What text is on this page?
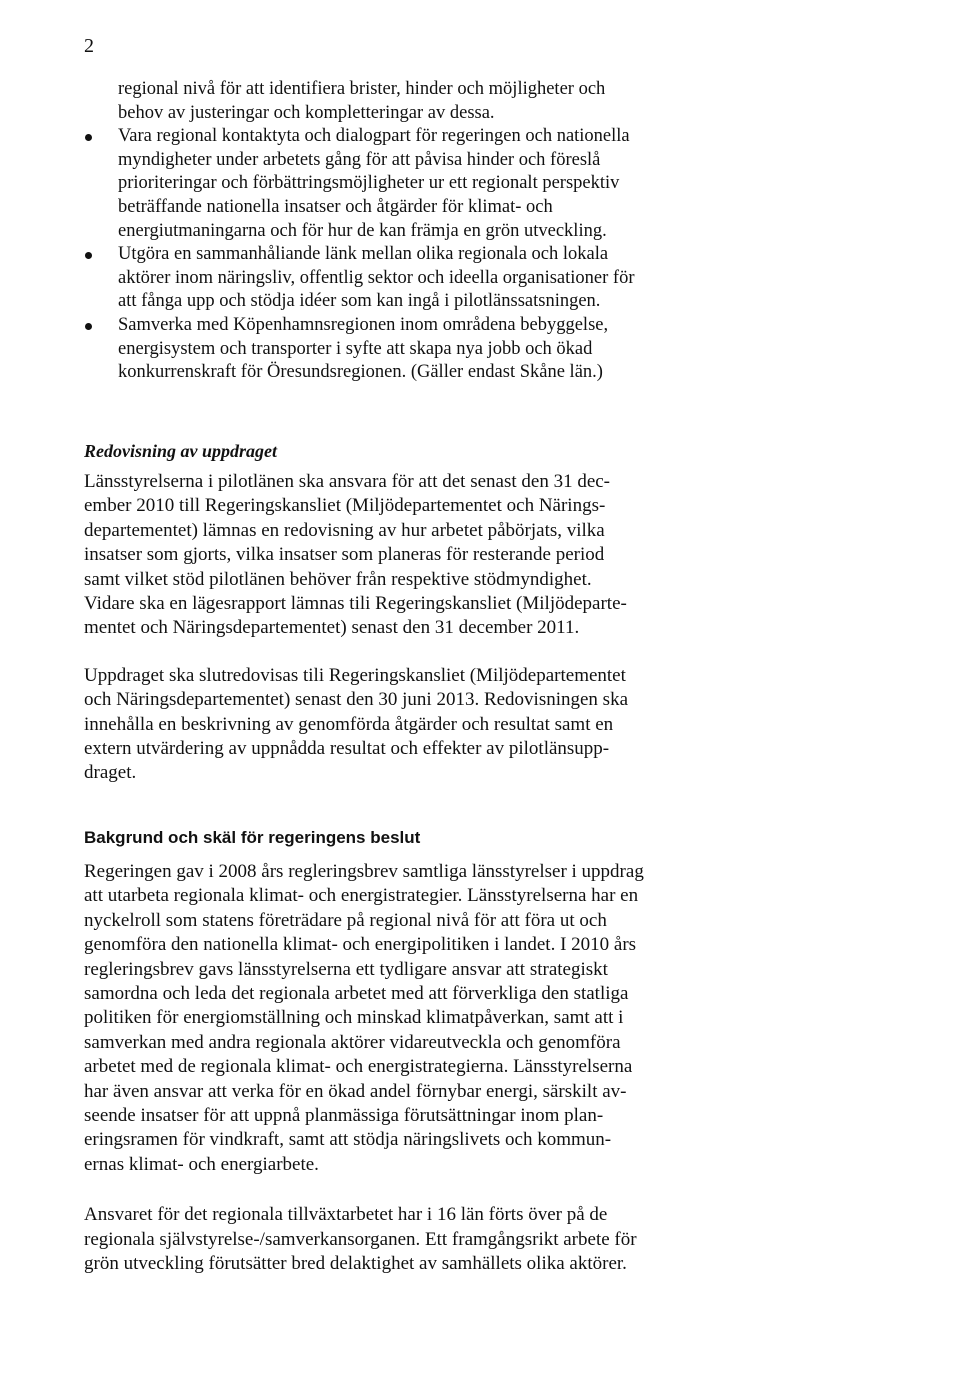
2

regional nivå för att identifiera brister, hinder och möjligheter och
behov av justeringar och kompletteringar av dessa.

Vara regional kontaktyta och dialogpart för regeringen och nationella
myndigheter under arbetets gång för att påvisa hinder och föreslå
prioriteringar och förbättringsmöjligheter ur ett regionalt perspektiv
beträffande nationella insatser och åtgärder för klimat- och
energiutmaningarna och för hur de kan främja en grön utveckling.
Utgöra en sammanhåliande länk mellan olika regionala och lokala
aktörer inom näringsliv, offentlig sektor och ideella organisationer för
att fånga upp och stödja idéer som kan ingå i pilotlänssatsningen.
Samverka med Köpenhamnsregionen inom områdena bebyggelse,
energisystem och transporter i syfte att skapa nya jobb och ökad
konkurrenskraft för Öresundsregionen. (Gäller endast Skåne län.)
Redovisning av uppdraget

Länsstyrelserna i pilotlänen ska ansvara för att det senast den 31 dec-
ember 2010 till Regeringskansliet (Miljödepartementet och Närings-
departementet) lämnas en redovisning av hur arbetet påbörjats, vilka
insatser som gjorts, vilka insatser som planeras för resterande period
samt vilket stöd pilotlänen behöver från respektive stödmyndighet.
Vidare ska en lägesrapport lämnas tili Regeringskansliet (Miljödeparte-
mentet och Näringsdepartementet) senast den 31 december 2011.

Uppdraget ska slutredovisas tili Regeringskansliet (Miljödepartementet
och Näringsdepartementet) senast den 30 juni 2013. Redovisningen ska
innehålla en beskrivning av genomförda åtgärder och resultat samt en
extern utvärdering av uppnådda resultat och effekter av pilotlänsupp-
draget.

Bakgrund och skäl för regeringens beslut

Regeringen gav i 2008 års regleringsbrev samtliga länsstyrelser i uppdrag
att utarbeta regionala klimat- och energistrategier. Länsstyrelserna har en
nyckelroll som statens företrädare på regional nivå för att föra ut och
genomföra den nationella klimat- och energipolitiken i landet. I 2010 års
regleringsbrev gavs länsstyrelserna ett tydligare ansvar att strategiskt
samordna och leda det regionala arbetet med att förverkliga den statliga
politiken för energiomställning och minskad klimatpåverkan, samt att i
samverkan med andra regionala aktörer vidareutveckla och genomföra
arbetet med de regionala klimat- och energistrategierna. Länsstyrelserna
har även ansvar att verka för en ökad andel förnybar energi, särskilt av-
seende insatser för att uppnå planmässiga förutsättningar inom plan-
eringsramen för vindkraft, samt att stödja näringslivets och kommun-
ernas klimat- och energiarbete.

Ansvaret för det regionala tillväxtarbetet har i 16 län förts över på de
regionala självstyrelse-/samverkansorganen. Ett framgångsrikt arbete för
grön utveckling förutsätter bred delaktighet av samhällets olika aktörer.
